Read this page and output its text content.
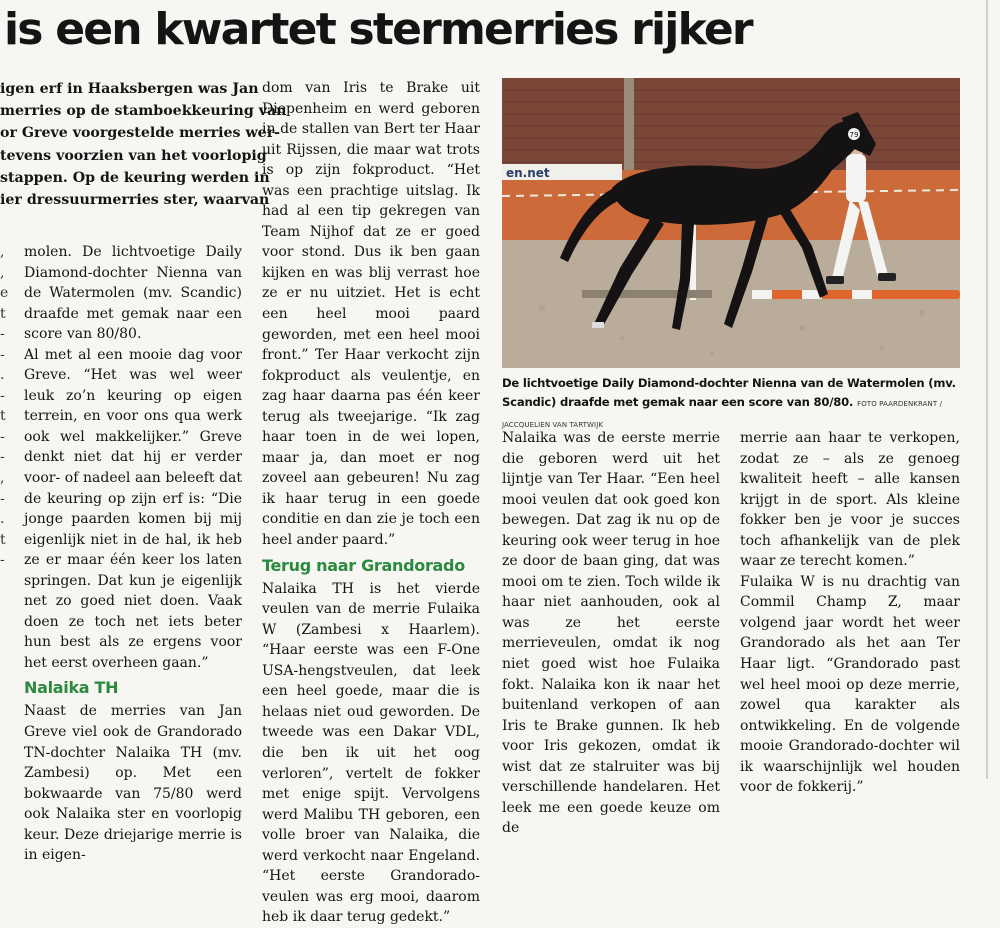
is een kwartet stermerries rijker
igen erf in Haaksbergen was Jan
merries op de stamboekkeuring van
or Greve voorgestelde merries wer-
tevens voorzien van het voorlopig
stappen. Op de keuring werden in
ier dressuurmerries ster, waarvan
,
,
e
t
-
-
.
-
t
-
-
,
-
.
t
-

molen. De lichtvoetige Daily Diamond-dochter Nienna van de Watermolen (mv. Scandic) draafde met gemak naar een score van 80/80.

Al met al een mooie dag voor Greve. “Het was wel weer leuk zo’n keuring op eigen terrein, en voor ons qua werk ook wel makkelijker.” Greve denkt niet dat hij er verder voor- of nadeel aan beleeft dat de keuring op zijn erf is: “Die jonge paarden komen bij mij eigenlijk niet in de hal, ik heb ze er maar één keer los laten springen. Dat kun je eigenlijk net zo goed niet doen. Vaak doen ze toch net iets beter hun best als ze ergens voor het eerst overheen gaan.”

Nalaika TH

Naast de merries van Jan Greve viel ook de Grandorado TN-dochter Nalaika TH (mv. Zambesi) op. Met een bokwaarde van 75/80 werd ook Nalaika ster en voorlopig keur. Deze driejarige merrie is in eigen-

dom van Iris te Brake uit Diepenheim en werd geboren in de stallen van Bert ter Haar uit Rijssen, die maar wat trots is op zijn fokproduct. “Het was een prachtige uitslag. Ik had al een tip gekregen van Team Nijhof dat ze er goed voor stond. Dus ik ben gaan kijken en was blij verrast hoe ze er nu uitziet. Het is echt een heel mooi paard geworden, met een heel mooi front.” Ter Haar verkocht zijn fokproduct als veulentje, en zag haar daarna pas één keer terug als tweejarige. “Ik zag haar toen in de wei lopen, maar ja, dan moet er nog zoveel aan gebeuren! Nu zag ik haar terug in een goede conditie en dan zie je toch een heel ander paard.”

Terug naar Grandorado

Nalaika TH is het vierde veulen van de merrie Fulaika W (Zambesi x Haarlem). “Haar eerste was een F-One USA-hengstveulen, dat leek een heel goede, maar die is helaas niet oud geworden. De tweede was een Dakar VDL, die ben ik uit het oog verloren”, vertelt de fokker met enige spijt. Vervolgens werd Malibu TH geboren, een volle broer van Nalaika, die werd verkocht naar Engeland. “Het eerste Grandorado-veulen was erg mooi, daarom heb ik daar terug gedekt.”

en.net
79
De lichtvoetige Daily Diamond-dochter Nienna van de Watermolen (mv. Scandic) draafde met gemak naar een score van 80/80. FOTO PAARDENKRANT / JACCQUELIEN VAN TARTWIJK

Nalaika was de eerste merrie die geboren werd uit het lijntje van Ter Haar. “Een heel mooi veulen dat ook goed kon bewegen. Dat zag ik nu op de keuring ook weer terug in hoe ze door de baan ging, dat was mooi om te zien. Toch wilde ik haar niet aanhouden, ook al was ze het eerste merrieveulen, omdat ik nog niet goed wist hoe Fulaika fokt. Nalaika kon ik naar het buitenland verkopen of aan Iris te Brake gunnen. Ik heb voor Iris gekozen, omdat ik wist dat ze stalruiter was bij verschillende handelaren. Het leek me een goede keuze om de

merrie aan haar te verkopen, zodat ze – als ze genoeg kwaliteit heeft – alle kansen krijgt in de sport. Als kleine fokker ben je voor je succes toch afhankelijk van de plek waar ze terecht komen.”

Fulaika W is nu drachtig van Commil Champ Z, maar volgend jaar wordt het weer Grandorado als het aan Ter Haar ligt. “Grandorado past wel heel mooi op deze merrie, zowel qua karakter als ontwikkeling. En de volgende mooie Grandorado-dochter wil ik waarschijnlijk wel houden voor de fokkerij.”
